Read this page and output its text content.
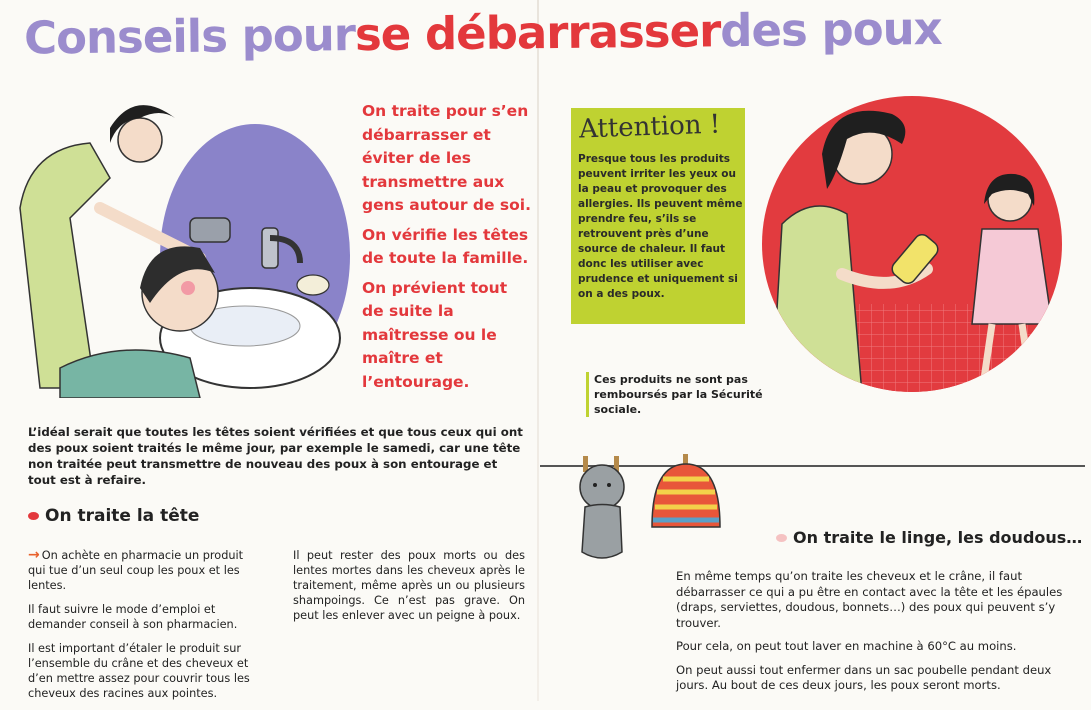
Conseils pourse débarrasserdes poux

On traite pour s’en débarrasser et éviter de les transmettre aux gens autour de soi.

On vérifie les têtes de toute la famille.

On prévient tout de suite la maîtresse ou le maître et l’entourage.

L’idéal serait que toutes les têtes soient vérifiées et que tous ceux qui ont des poux soient traités le même jour, par exemple le samedi, car une tête non traitée peut transmettre de nouveau des poux à son entourage et tout est à refaire.
On traite la tête

→ On achète en pharmacie un produit qui tue d’un seul coup les poux et les lentes.

Il faut suivre le mode d’emploi et demander conseil à son pharmacien.

Il est important d’étaler le produit sur l’ensemble du crâne et des cheveux et d’en mettre assez pour couvrir tous les cheveux des racines aux pointes.

Il peut rester des poux morts ou des lentes mortes dans les cheveux après le traitement, même après un ou plusieurs shampoings. Ce n’est pas grave. On peut les enlever avec un peigne à poux.

Attention !
Presque tous les produits peuvent irriter les yeux ou la peau et provoquer des allergies. Ils peuvent même prendre feu, s’ils se retrouvent près d’une source de chaleur. Il faut donc les utiliser avec prudence et uniquement si on a des poux.
Ces produits ne sont pas remboursés par la Sécurité sociale.
On traite le linge, les doudous…

En même temps qu’on traite les cheveux et le crâne, il faut débarrasser ce qui a pu être en contact avec la tête et les épaules (draps, serviettes, doudous, bonnets…) des poux qui peuvent s’y trouver.

Pour cela, on peut tout laver en machine à 60°C au moins.

On peut aussi tout enfermer dans un sac poubelle pendant deux jours. Au bout de ces deux jours, les poux seront morts.
